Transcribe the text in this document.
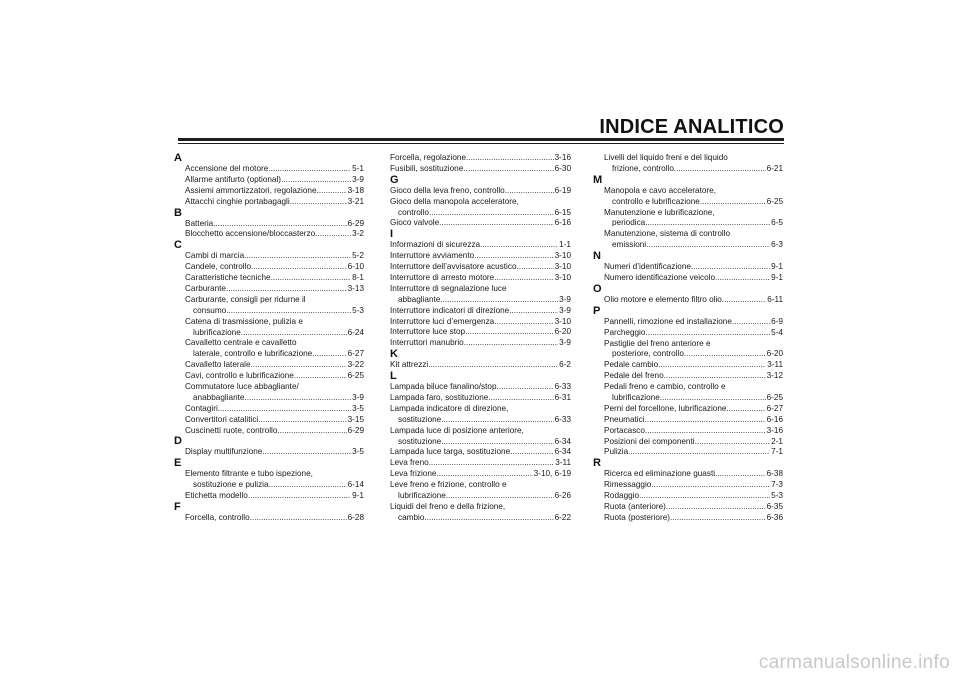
INDICE ANALITICO
A
Accensione del motore .....	5-1
Allarme antifurto (optional) .....	3-9
Assiemi ammortizzatori, regolazione .....	3-18
Attacchi cinghie portabagagli .....	3-21
B
Batteria .....	6-29
Blocchetto accensione/bloccasterzo .....	3-2
C
Cambi di marcia .....	5-2
Candele, controllo .....	6-10
Caratteristiche tecniche .....	8-1
Carburante .....	3-13
Carburante, consigli per ridurne il
consumo .....	5-3
Catena di trasmissione, pulizia e
lubrificazione .....	6-24
Cavalletto centrale e cavalletto
laterale, controllo e lubrificazione .....	6-27
Cavalletto laterale .....	3-22
Cavi, controllo e lubrificazione .....	6-25
Commutatore luce abbagliante/
anabbagliante .....	3-9
Contagiri .....	3-5
Convertitori catalitici .....	3-15
Cuscinetti ruote, controllo .....	6-29
D
Display multifunzione .....	3-5
E
Elemento filtrante e tubo ispezione,
sostituzione e pulizia .....	6-14
Etichetta modello .....	9-1
F
Forcella, controllo .....	6-28
Forcella, regolazione .....	3-16
Fusibili, sostituzione .....	6-30
G
Gioco della leva freno, controllo .....	6-19
Gioco della manopola acceleratore,
controllo .....	6-15
Gioco valvole .....	6-16
I
Informazioni di sicurezza .....	1-1
Interruttore avviamento .....	3-10
Interruttore dell’avvisatore acustico .....	3-10
Interruttore di arresto motore .....	3-10
Interruttore di segnalazione luce
abbagliante .....	3-9
Interruttore indicatori di direzione .....	3-9
Interruttore luci d’emergenza .....	3-10
Interruttore luce stop .....	6-20
Interruttori manubrio .....	3-9
K
Kit attrezzi .....	6-2
L
Lampada biluce fanalino/stop .....	6-33
Lampada faro, sostituzione .....	6-31
Lampada indicatore di direzione,
sostituzione .....	6-33
Lampada luce di posizione anteriore,
sostituzione .....	6-34
Lampada luce targa, sostituzione .....	6-34
Leva freno .....	3-11
Leva frizione .....	3-10, 6-19
Leve freno e frizione, controllo e
lubrificazione .....	6-26
Liquidi del freno e della frizione,
cambio .....	6-22
Livelli del liquido freni e del liquido
frizione, controllo .....	6-21
M
Manopola e cavo acceleratore,
controllo e lubrificazione .....	6-25
Manutenzione e lubrificazione,
periodica .....	6-5
Manutenzione, sistema di controllo
emissioni .....	6-3
N
Numeri d’identificazione .....	9-1
Numero identificazione veicolo .....	9-1
O
Olio motore e elemento filtro olio .....	6-11
P
Pannelli, rimozione ed installazione .....	6-9
Parcheggio .....	5-4
Pastiglie del freno anteriore e
posteriore, controllo .....	6-20
Pedale cambio .....	3-11
Pedale del freno .....	3-12
Pedali freno e cambio, controllo e
lubrificazione .....	6-25
Perni del forcellone, lubrificazione .....	6-27
Pneumatici .....	6-16
Portacasco .....	3-16
Posizioni dei componenti .....	2-1
Pulizia .....	7-1
R
Ricerca ed eliminazione guasti .....	6-38
Rimessaggio .....	7-3
Rodaggio .....	5-3
Ruota (anteriore) .....	6-35
Ruota (posteriore) .....	6-36
carmanualsonline.info
